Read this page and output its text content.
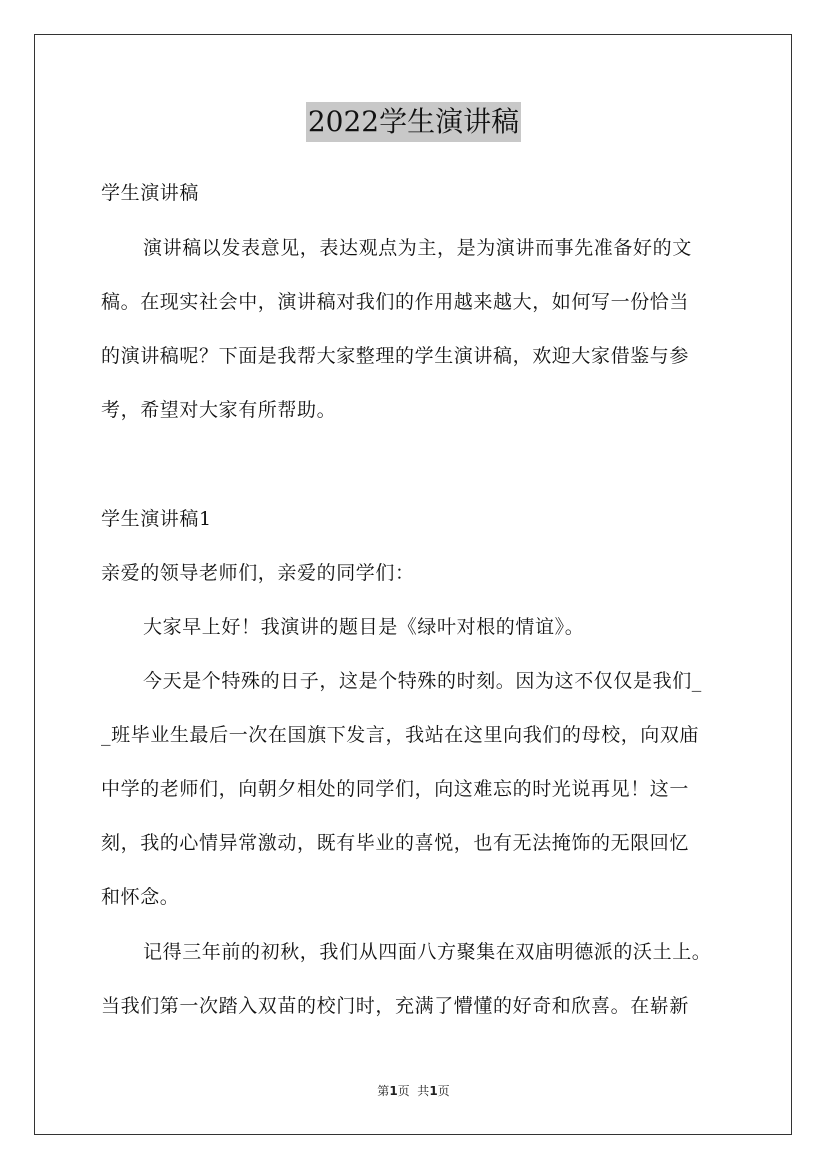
2022学生演讲稿
学生演讲稿
演讲稿以发表意见，表达观点为主，是为演讲而事先准备好的文
稿。在现实社会中，演讲稿对我们的作用越来越大，如何写一份恰当
的演讲稿呢？下面是我帮大家整理的学生演讲稿，欢迎大家借鉴与参
考，希望对大家有所帮助。
学生演讲稿1
亲爱的领导老师们，亲爱的同学们：
大家早上好！我演讲的题目是《绿叶对根的情谊》。
今天是个特殊的日子，这是个特殊的时刻。因为这不仅仅是我们_
_班毕业生最后一次在国旗下发言，我站在这里向我们的母校，向双庙
中学的老师们，向朝夕相处的同学们，向这难忘的时光说再见！这一
刻，我的心情异常激动，既有毕业的喜悦，也有无法掩饰的无限回忆
和怀念。
记得三年前的初秋，我们从四面八方聚集在双庙明德派的沃土上。
当我们第一次踏入双苗的校门时，充满了懵懂的好奇和欣喜。在崭新
第1页  共1页
